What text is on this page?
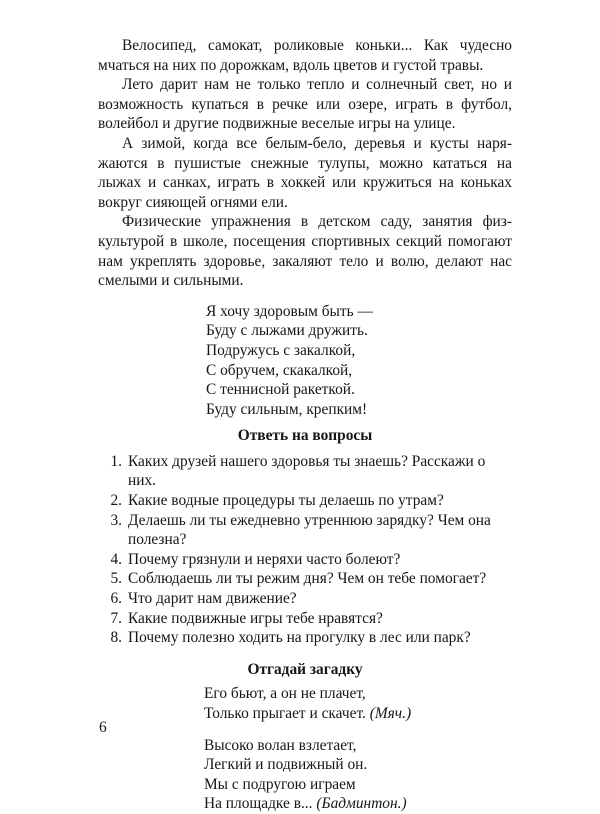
Велосипед, самокат, роликовые коньки... Как чудесно мчаться на них по дорожкам, вдоль цветов и густой травы.

Лето дарит нам не только тепло и солнечный свет, но и возможность купаться в речке или озере, играть в футбол, волейбол и другие подвижные веселые игры на улице.

А зимой, когда все белым-бело, деревья и кусты наряжаются в пушистые снежные тулупы, можно кататься на лыжах и санках, играть в хоккей или кружиться на коньках вокруг сияющей огнями ели.

Физические упражнения в детском саду, занятия физкультурой в школе, посещения спортивных секций помогают нам укреплять здоровье, закаляют тело и волю, делают нас смелыми и сильными.

Я хочу здоровым быть —
Буду с лыжами дружить.
Подружусь с закалкой,
С обручем, скакалкой,
С теннисной ракеткой.
Буду сильным, крепким!
Ответь на вопросы
1. Каких друзей нашего здоровья ты знаешь? Расскажи о них.
2. Какие водные процедуры ты делаешь по утрам?
3. Делаешь ли ты ежедневно утреннюю зарядку? Чем она полезна?
4. Почему грязнули и неряхи часто болеют?
5. Соблюдаешь ли ты режим дня? Чем он тебе помогает?
6. Что дарит нам движение?
7. Какие подвижные игры тебе нравятся?
8. Почему полезно ходить на прогулку в лес или парк?
Отгадай загадку
Его бьют, а он не плачет,
Только прыгает и скачет. (Мяч.)
Высоко волан взлетает,
Легкий и подвижный он.
Мы с подругою играем
На площадке в... (Бадминтон.)
6
